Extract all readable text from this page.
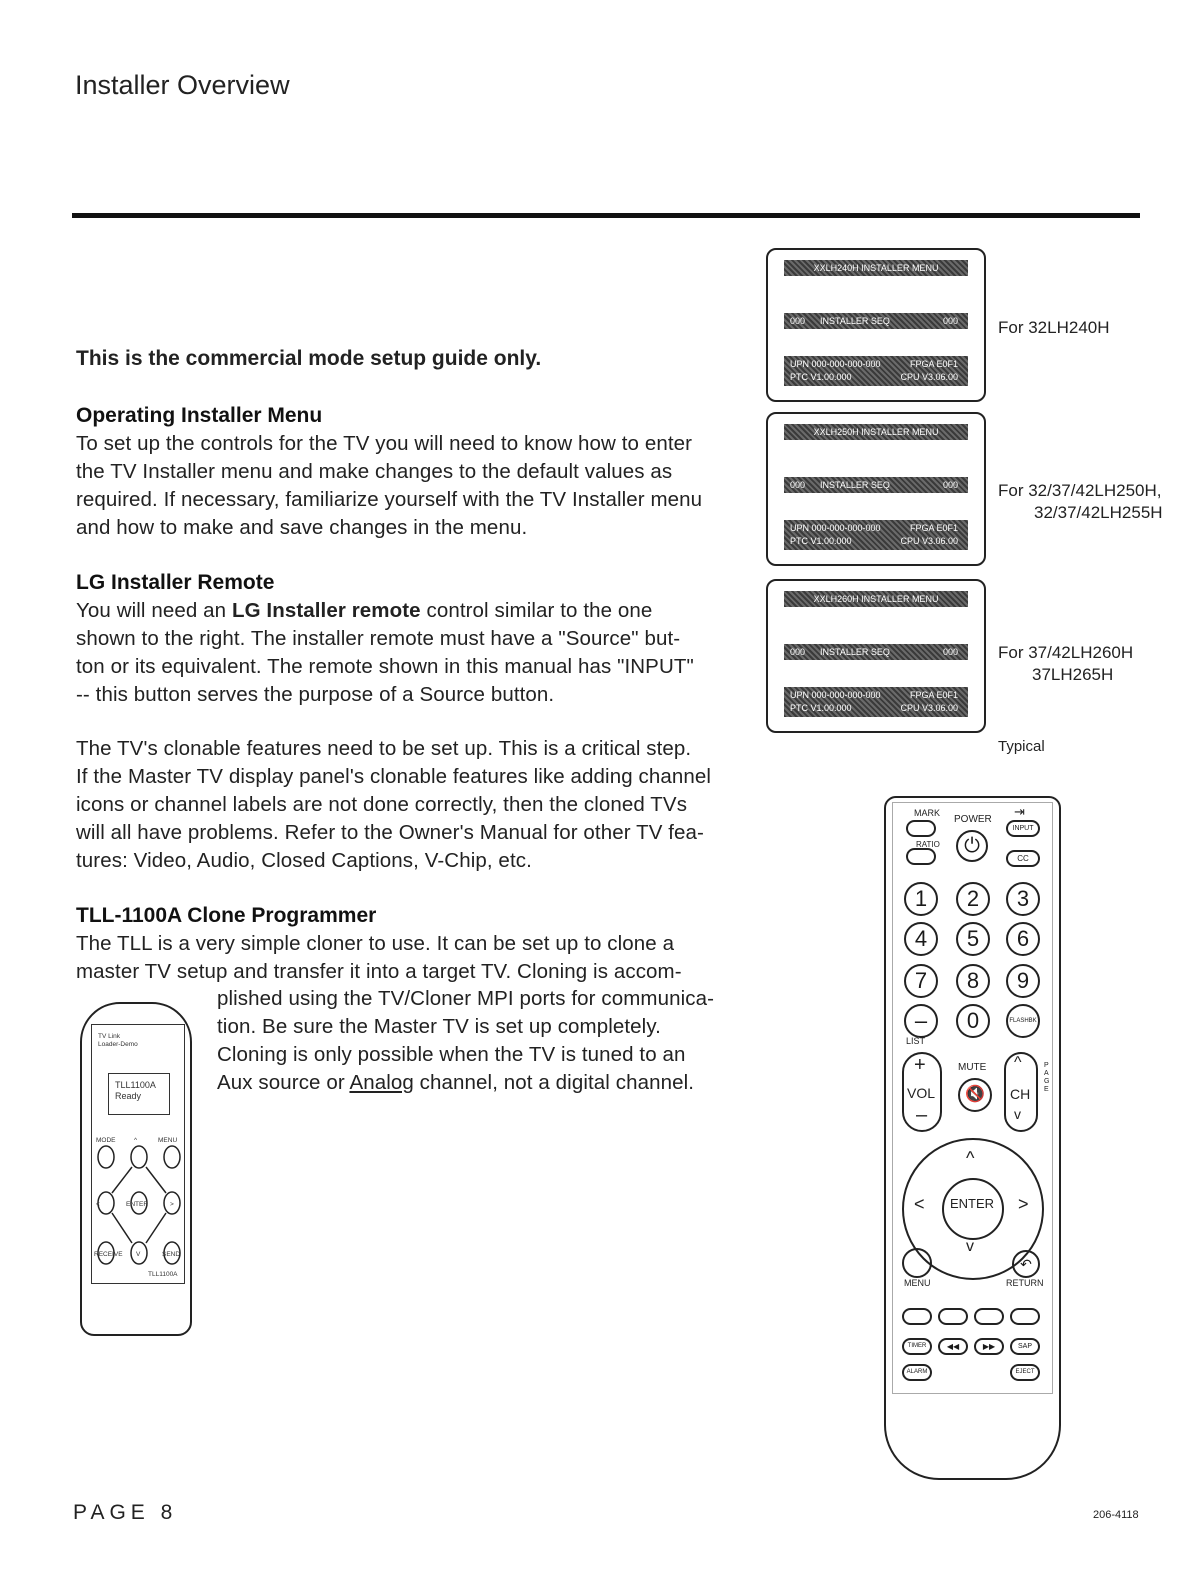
Installer Overview
This is the commercial mode setup guide only.
Operating Installer Menu
To set up the controls for the TV you will need to know how to enter
the TV Installer menu and make changes to the default values as
required. If necessary, familiarize yourself with the TV Installer menu
and how to make and save changes in the menu.
LG Installer Remote
You will need an LG Installer remote control similar to the one
shown to the right. The installer remote must have a "Source" but-
ton or its equivalent. The remote shown in this manual has "INPUT"
-- this button serves the purpose of a Source button.
The TV's clonable features need to be set up. This is a critical step.
If the Master TV display panel's clonable features like adding channel
icons or channel labels are not done correctly, then the cloned TVs
will all have problems. Refer to the Owner's Manual for other TV fea-
tures: Video, Audio, Closed Captions, V-Chip, etc.
TLL-1100A Clone Programmer
The TLL is a very simple cloner to use. It can be set up to clone a
master TV setup and transfer it into a target TV. Cloning is accom-
plished using the TV/Cloner MPI ports for communica-
tion. Be sure the Master TV is set up completely.
Cloning is only possible when the TV is tuned to an
Aux source or Analog channel, not a digital channel.
XXLH240H INSTALLER MENU
000 INSTALLER SEQ	000
UPN 000-000-000-000	FPGA E0F1
PTC V1.00.000	CPU V3.06.00
For 32LH240H
XXLH250H INSTALLER MENU
000 INSTALLER SEQ	000
UPN 000-000-000-000	FPGA E0F1
PTC V1.00.000	CPU V3.06.00
For 32/37/42LH250H,
32/37/42LH255H
XXLH260H INSTALLER MENU
000 INSTALLER SEQ	000
UPN 000-000-000-000	FPGA E0F1
PTC V1.00.000	CPU V3.06.00
For 37/42LH260H
37LH265H
Typical
TV Link
Loader-Demo
TLL1100A
Ready
MODE	^	MENU
<	ENTER	>
RECEIVE V	SEND
TLL1100A
MARK
POWER
⇥
INPUT
RATIO	⏻
CC
1	2	3
4	5	6
7	8	9
–	0	FLASHBK
LIST
+
VOL
–
MUTE
🔇
^
CH
v
PAGE
ENTER
^
<	>
v
MENU
↶
RETURN
TIMER	◀◀	▶▶	SAP
ALARM	EJECT
PAGE 8	206-4118
